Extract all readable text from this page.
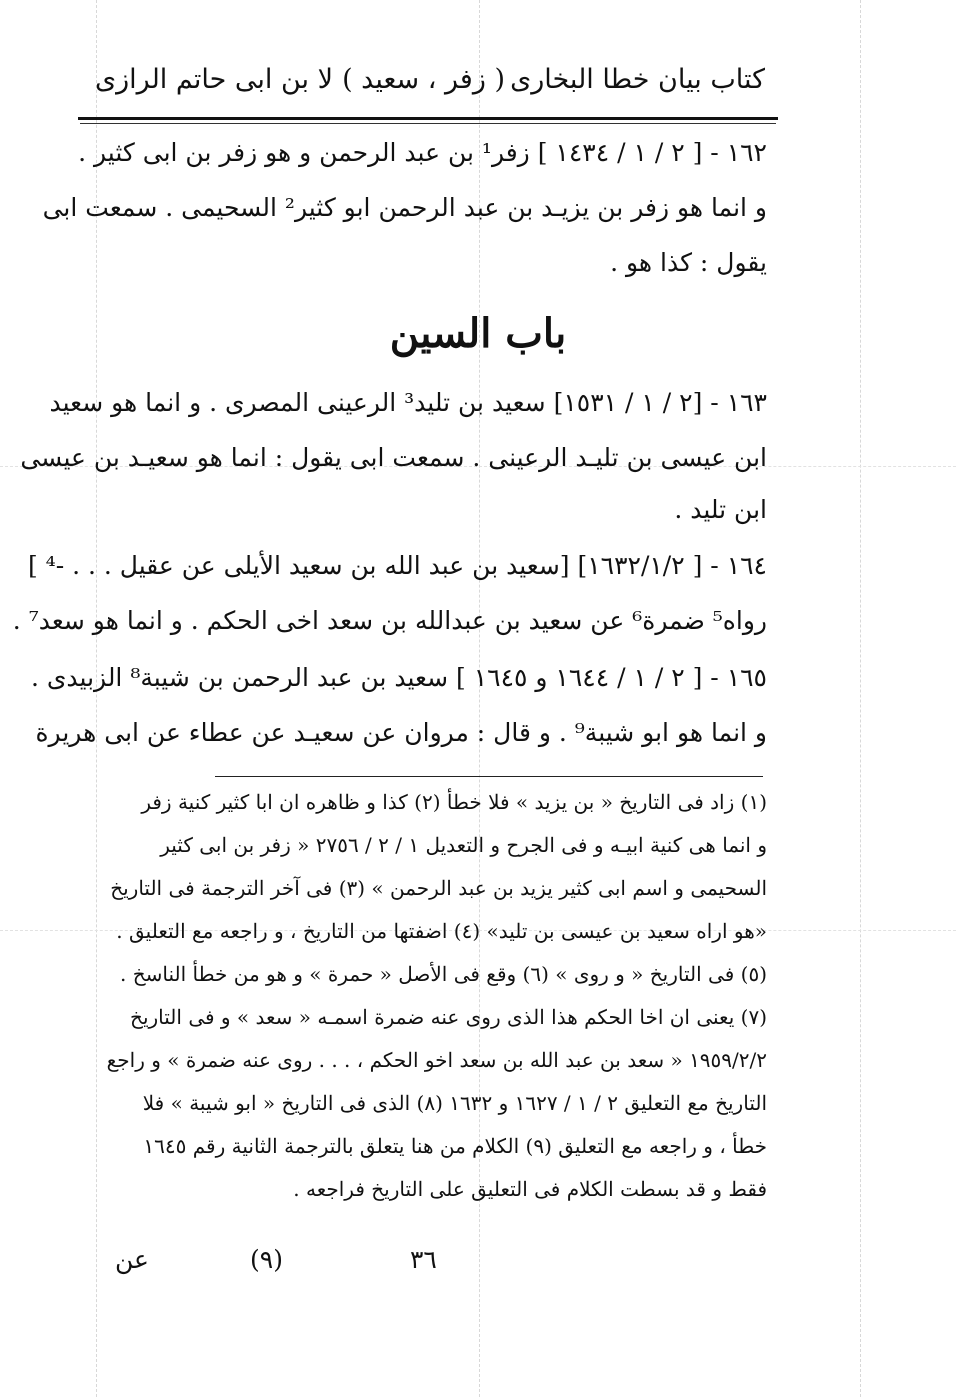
كتاب بيان خطا البخارى
( زفر ، سعيد )
لا بن ابى حاتم الرازى
١٦٢ - [ ٢ / ١ / ١٤٣٤ ] زفر¹ بن عبد الرحمن و هو زفر بن ابى كثير .
و انما هو زفر بن يزيـد بن عبد الرحمن ابو كثير² السحيمى . سمعت ابى
يقول : كذا هو .
باب السين
١٦٣ - [٢ / ١ / ١٥٣١] سعيد بن تليد³ الرعينى المصرى . و انما هو سعيد
ابن عيسى بن تليـد الرعينى . سمعت ابى يقول : انما هو سعيـد بن عيسى
ابن تليد .
١٦٤ - [ ١٦٣٢/١/٢] [سعيد بن عبد الله بن سعيد الأيلى عن عقيل . . . -⁴ ]
رواه⁵ ضمرة⁶ عن سعيد بن عبدالله بن سعد اخى الحكم . و انما هو سعد⁷ .
١٦٥ - [ ٢ / ١ / ١٦٤٤ و ١٦٤٥ ] سعيد بن عبد الرحمن بن شيبة⁸ الزبيدى .
و انما هو ابو شيبة⁹ . و قال : مروان عن سعيـد عن عطاء عن ابى هريرة
(١) زاد فى التاريخ « بن يزيد » فلا خطأ (٢) كذا و ظاهره ان ابا كثير كنية زفر
و انما هى كنية ابيـه و فى الجرح و التعديل ١ / ٢ / ٢٧٥٦ « زفر بن ابى كثير
السحيمى و اسم ابى كثير يزيد بن عبد الرحمن » (٣) فى آخر الترجمة فى التاريخ
«هو اراه سعيد بن عيسى بن تليد» (٤) اضفتها من التاريخ ، و راجعه مع التعليق .
(٥) فى التاريخ « و روى » (٦) وقع فى الأصل « حمرة » و هو من خطأ الناسخ .
(٧) يعنى ان اخا الحكم هذا الذى روى عنه ضمرة اسمـه « سعد » و فى التاريخ
١٩٥٩/٢/٢ « سعد بن عبد الله بن سعد اخو الحكم ، . . . روى عنه ضمرة » و راجع
التاريخ مع التعليق ٢ / ١ / ١٦٢٧ و ١٦٣٢ (٨) الذى فى التاريخ « ابو شيبة » فلا
خطأ ، و راجعه مع التعليق (٩) الكلام من هنا يتعلق بالترجمة الثانية رقم ١٦٤٥
فقط و قد بسطت الكلام فى التعليق على التاريخ فراجعه .
عن	(٩)	٣٦
